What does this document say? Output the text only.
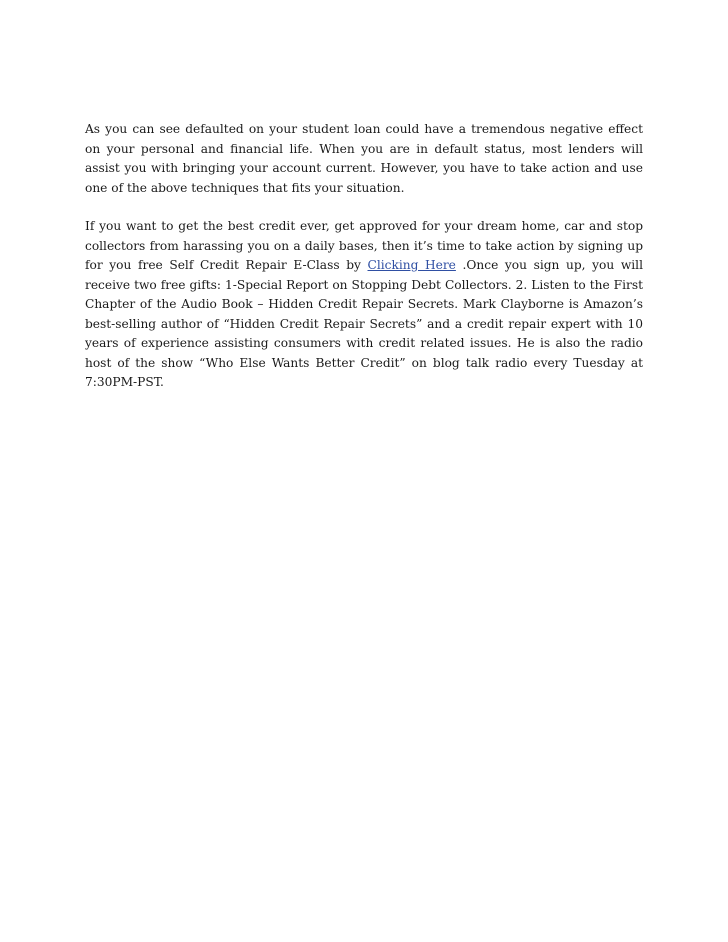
As you can see defaulted on your student loan could have a tremendous negative effect on your personal and financial life. When you are in default status, most lenders will assist you with bringing your account current. However, you have to take action and use one of the above techniques that fits your situation.

If you want to get the best credit ever, get approved for your dream home, car and stop collectors from harassing you on a daily bases, then it’s time to take action by signing up for you free Self Credit Repair E-Class by Clicking Here .Once you sign up, you will receive two free gifts: 1-Special Report on Stopping Debt Collectors. 2. Listen to the First Chapter of the Audio Book – Hidden Credit Repair Secrets. Mark Clayborne is Amazon’s best-selling author of “Hidden Credit Repair Secrets” and a credit repair expert with 10 years of experience assisting consumers with credit related issues. He is also the radio host of the show “Who Else Wants Better Credit” on blog talk radio every Tuesday at 7:30PM-PST.
